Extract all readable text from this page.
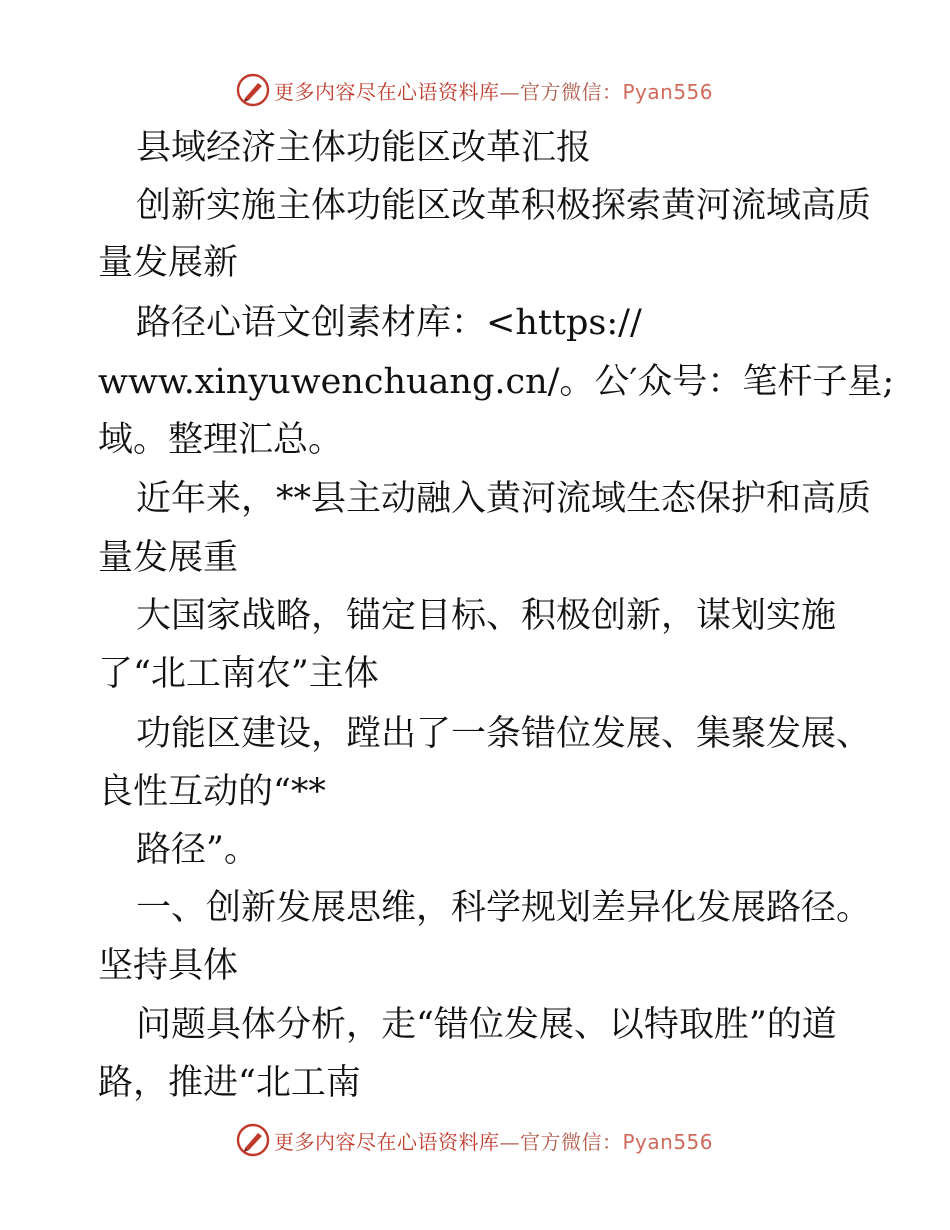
更多内容尽在心语资料库—官方微信：Pyan556
县域经济主体功能区改革汇报
创新实施主体功能区改革积极探索黄河流域高质
量发展新
路径心语文创素材库：<https://
www.xinyuwenchuang.cn/。公′众号：笔杆子星;
域。整理汇总。
近年来，**县主动融入黄河流域生态保护和高质
量发展重
大国家战略，锚定目标、积极创新，谋划实施
了“北工南农”主体
功能区建设，蹚出了一条错位发展、集聚发展、
良性互动的“**
路径”。
一、创新发展思维，科学规划差异化发展路径。
坚持具体
问题具体分析，走“错位发展、以特取胜”的道
路，推进“北工南
更多内容尽在心语资料库—官方微信：Pyan556
